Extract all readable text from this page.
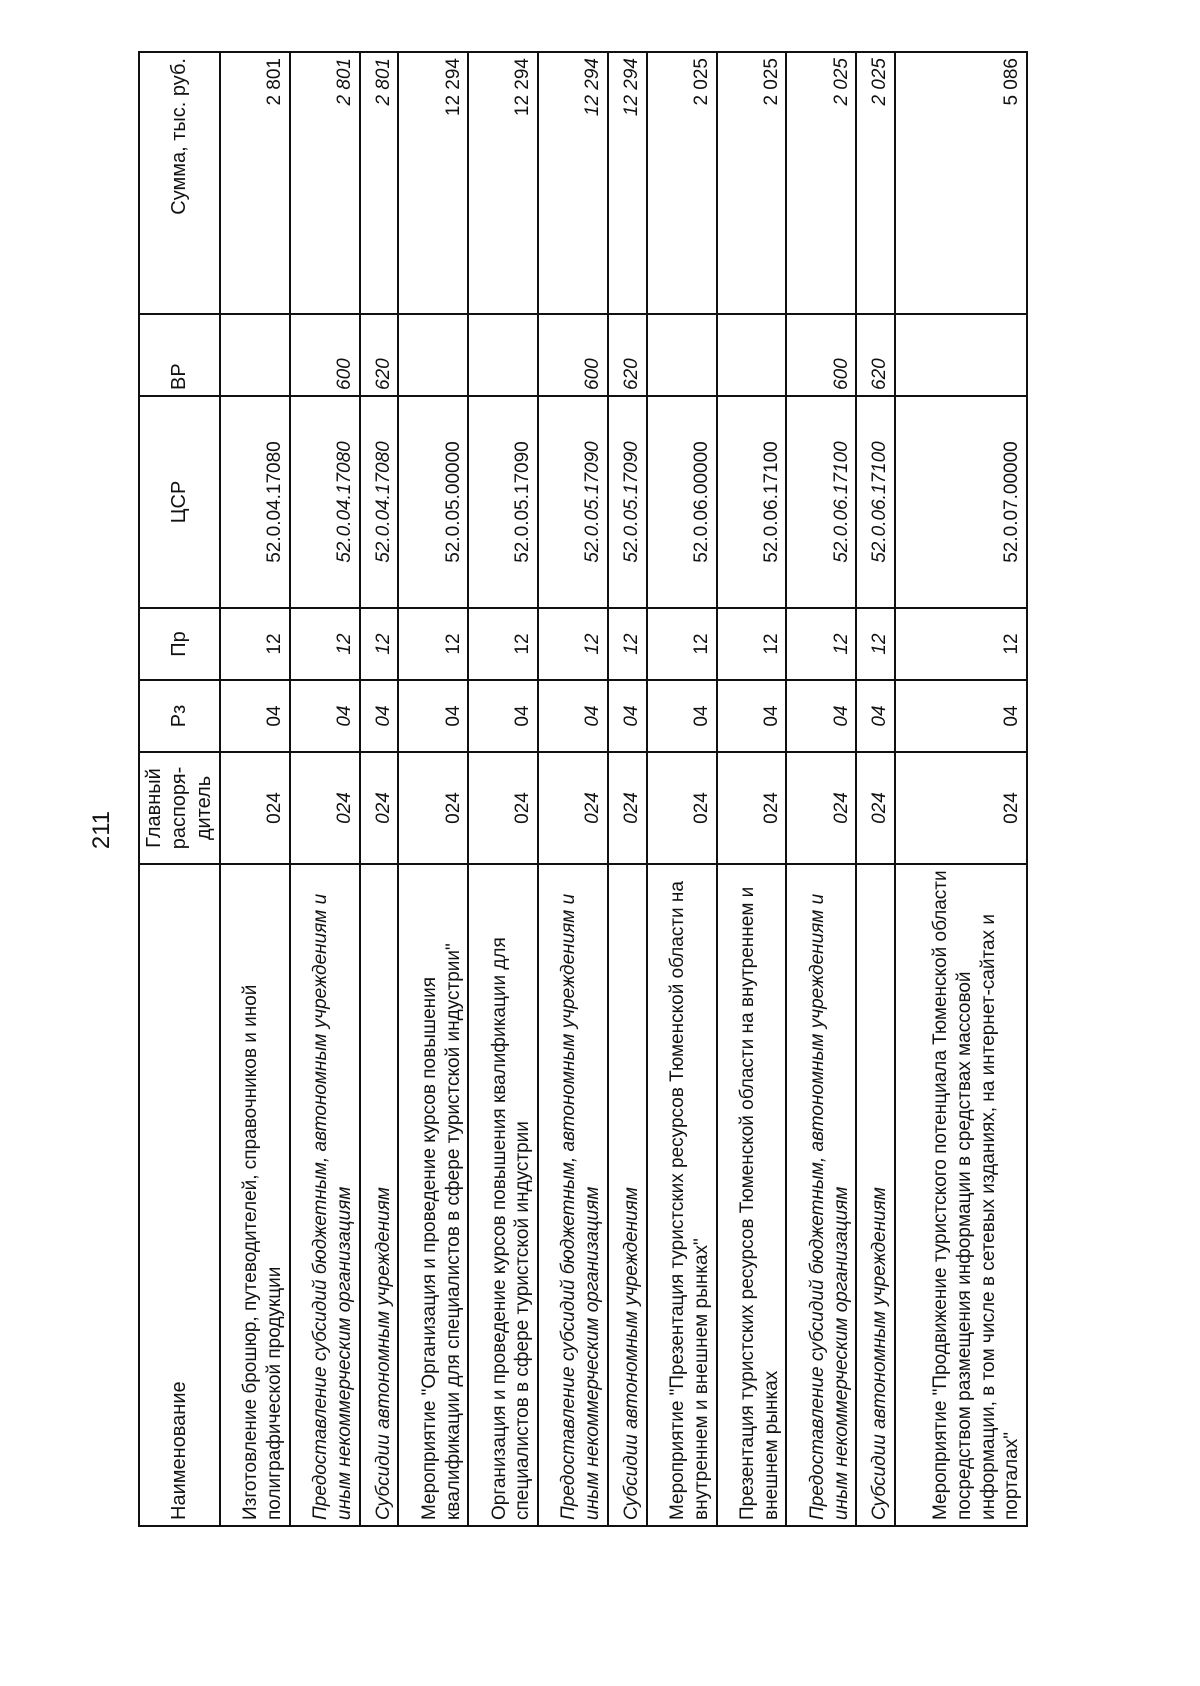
211
Наименование	Главный распоря-дитель	Рз	Пр	ЦСР	ВР	Сумма, тыс. руб.
Изготовление брошюр, путеводителей, справочников и иной полиграфической продукции	024	04	12	52.0.04.17080		2 801
Предоставление субсидий бюджетным, автономным учреждениям и иным некоммерческим организациям	024	04	12	52.0.04.17080	600	2 801
Субсидии автономным учреждениям	024	04	12	52.0.04.17080	620	2 801
Мероприятие "Организация и проведение курсов повышения квалификации для специалистов в сфере туристской индустрии"	024	04	12	52.0.05.00000		12 294
Организация и проведение курсов повышения квалификации для специалистов в сфере туристской индустрии	024	04	12	52.0.05.17090		12 294
Предоставление субсидий бюджетным, автономным учреждениям и иным некоммерческим организациям	024	04	12	52.0.05.17090	600	12 294
Субсидии автономным учреждениям	024	04	12	52.0.05.17090	620	12 294
Мероприятие "Презентация туристских ресурсов Тюменской области на внутреннем и внешнем рынках"	024	04	12	52.0.06.00000		2 025
Презентация туристских ресурсов Тюменской области на внутреннем и внешнем рынках	024	04	12	52.0.06.17100		2 025
Предоставление субсидий бюджетным, автономным учреждениям и иным некоммерческим организациям	024	04	12	52.0.06.17100	600	2 025
Субсидии автономным учреждениям	024	04	12	52.0.06.17100	620	2 025
Мероприятие "Продвижение туристского потенциала Тюменской области посредством размещения информации в средствах массовой информации, в том числе в сетевых изданиях, на интернет-сайтах и порталах"	024	04	12	52.0.07.00000		5 086
